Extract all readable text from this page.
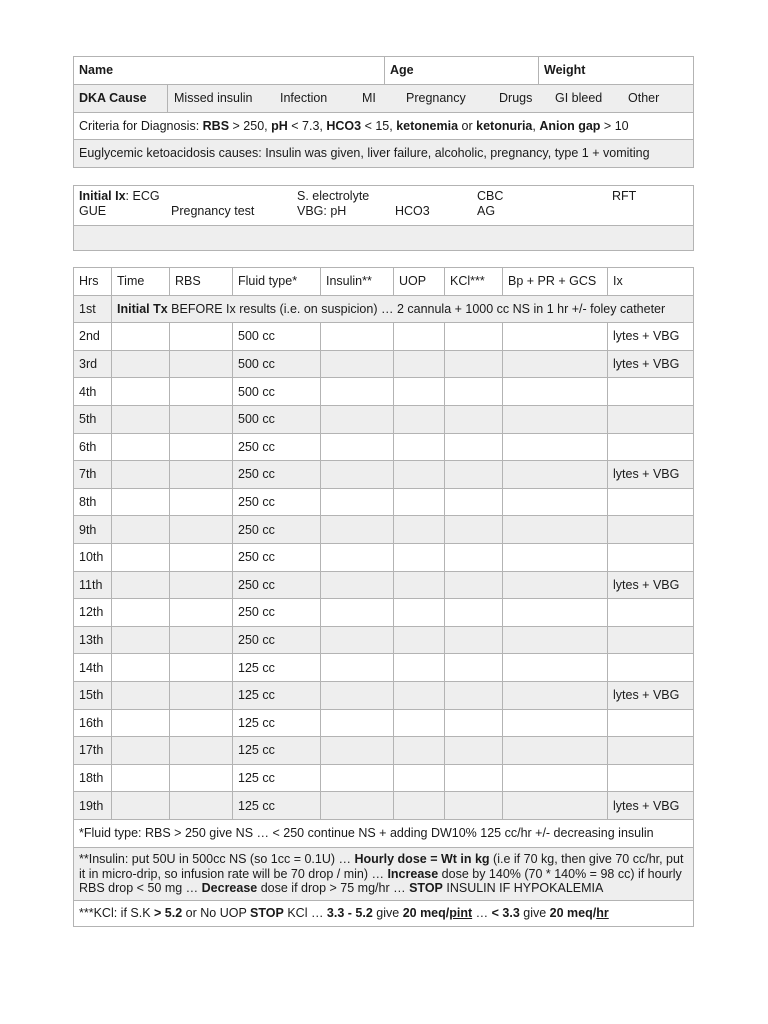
Name	Age	Weight

DKA Cause	Missed insulin	Infection	MI	Pregnancy	Drugs	GI bleed	Other

Criteria for Diagnosis: RBS > 250, pH < 7.3, HCO3 < 15, ketonemia or ketonuria, Anion gap > 10
Euglycemic ketoacidosis causes: Insulin was given, liver failure, alcoholic, pregnancy, type 1 + vomiting
Initial Ix : ECG	S. electrolyte	CBC	RFT
GUE	Pregnancy test	VBG: pH	HCO3	AG

Hrs	Time	RBS	Fluid type*	Insulin**	UOP	KCl***	Bp + PR + GCS	Ix
1st	Initial Tx BEFORE Ix results (i.e. on suspicion) … 2 cannula + 1000 cc NS in 1 hr +/- foley catheter							
2nd			500 cc					lytes + VBG
3rd			500 cc					lytes + VBG
4th			500 cc					
5th			500 cc					
6th			250 cc					
7th			250 cc					lytes + VBG
8th			250 cc					
9th			250 cc					
10th			250 cc					
11th			250 cc					lytes + VBG
12th			250 cc					
13th			250 cc					
14th			125 cc					
15th			125 cc					lytes + VBG
16th			125 cc					
17th			125 cc					
18th			125 cc					
19th			125 cc					lytes + VBG
*Fluid type: RBS > 250 give NS … < 250 continue NS + adding DW10% 125 cc/hr +/- decreasing insulin								
**Insulin: put 50U in 500cc NS (so 1cc = 0.1U) … Hourly dose = Wt in kg (i.e if 70 kg, then give 70 cc/hr, put it in micro-drip, so infusion rate will be 70 drop / min) … Increase dose by 140% (70 * 140% = 98 cc) if hourly RBS drop < 50 mg … Decrease dose if drop > 75 mg/hr … STOP INSULIN IF HYPOKALEMIA								
***KCl: if S.K > 5.2 or No UOP STOP KCl … 3.3 - 5.2 give 20 meq/pint … < 3.3 give 20 meq/hr								
